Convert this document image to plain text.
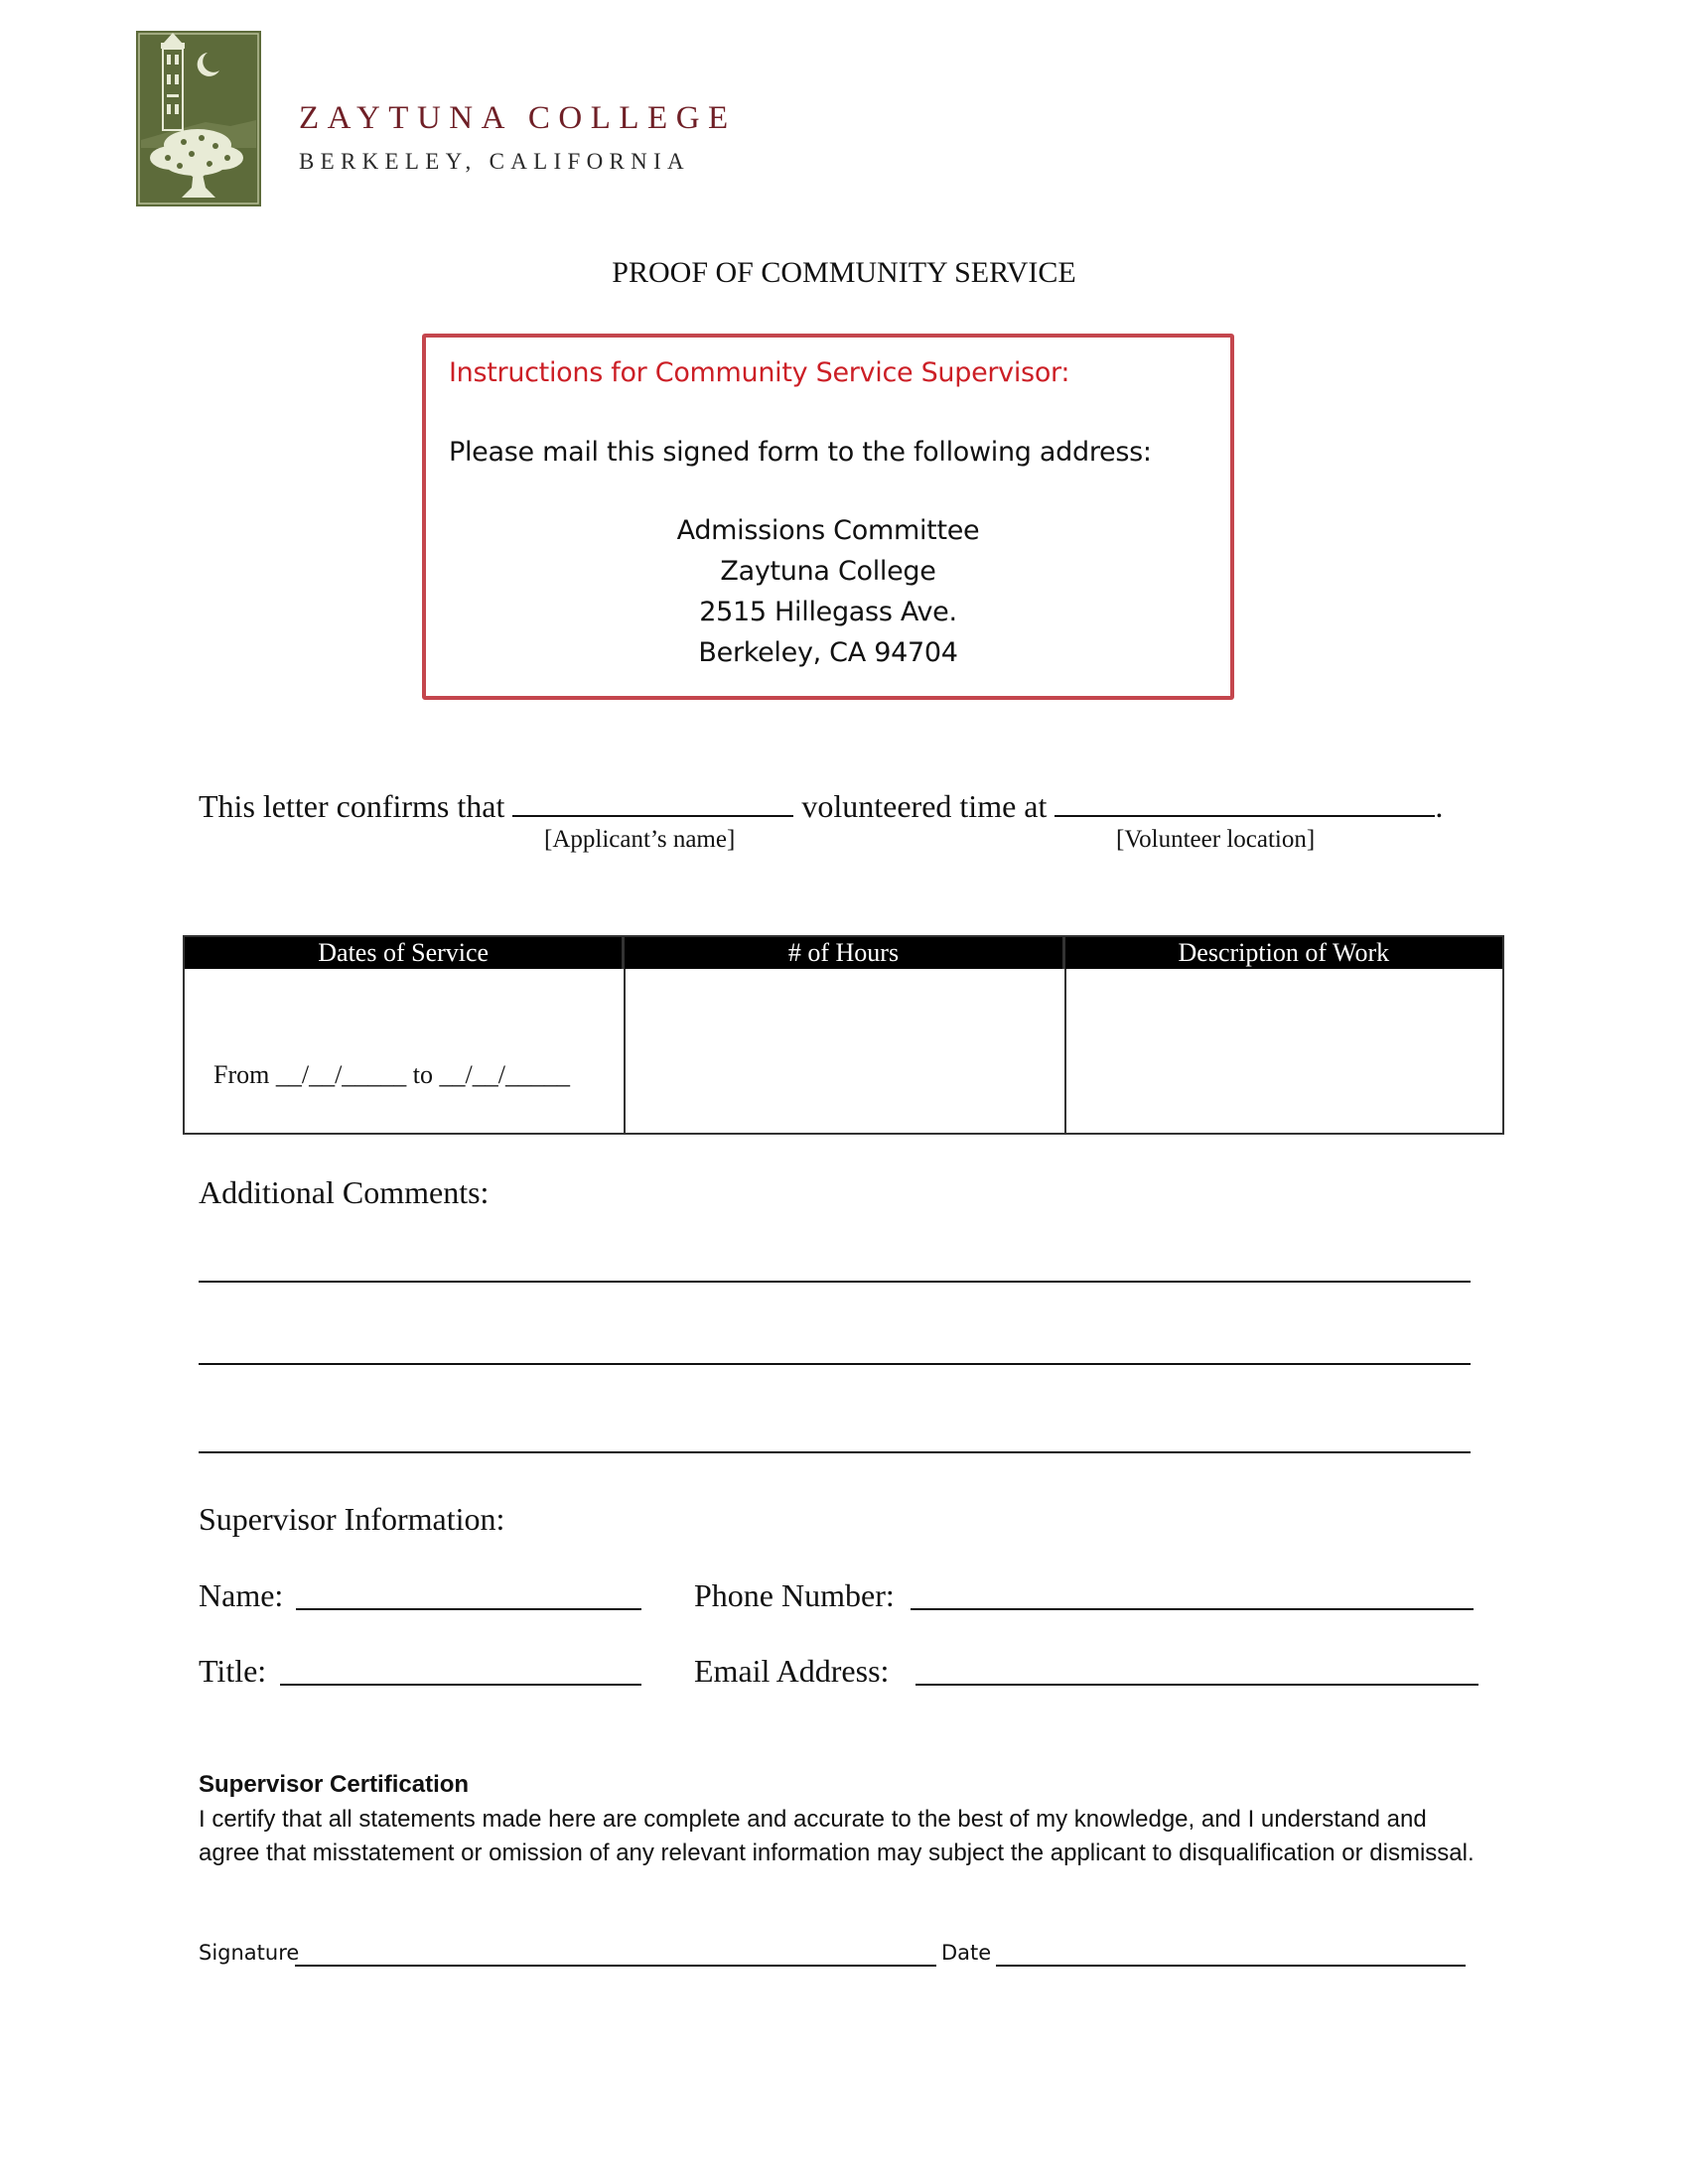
ZAYTUNA COLLEGE
BERKELEY, CALIFORNIA
PROOF OF COMMUNITY SERVICE
Instructions for Community Service Supervisor:
Please mail this signed form to the following address:
Admissions Committee
Zaytuna College
2515 Hillegass Ave.
Berkeley, CA 94704
This letter confirms that	volunteered time at	.
[Applicant’s name]	[Volunteer location]
Dates of Service	# of Hours	Description of Work
From __/__/_____ to __/__/_____
Additional Comments:
Supervisor Information:
Name:	Phone Number:
Title:	Email Address:
Supervisor Certification
I certify that all statements made here are complete and accurate to the best of my knowledge, and I understand and agree that misstatement or omission of any relevant information may subject the applicant to disqualification or dismissal.
Signature	Date
